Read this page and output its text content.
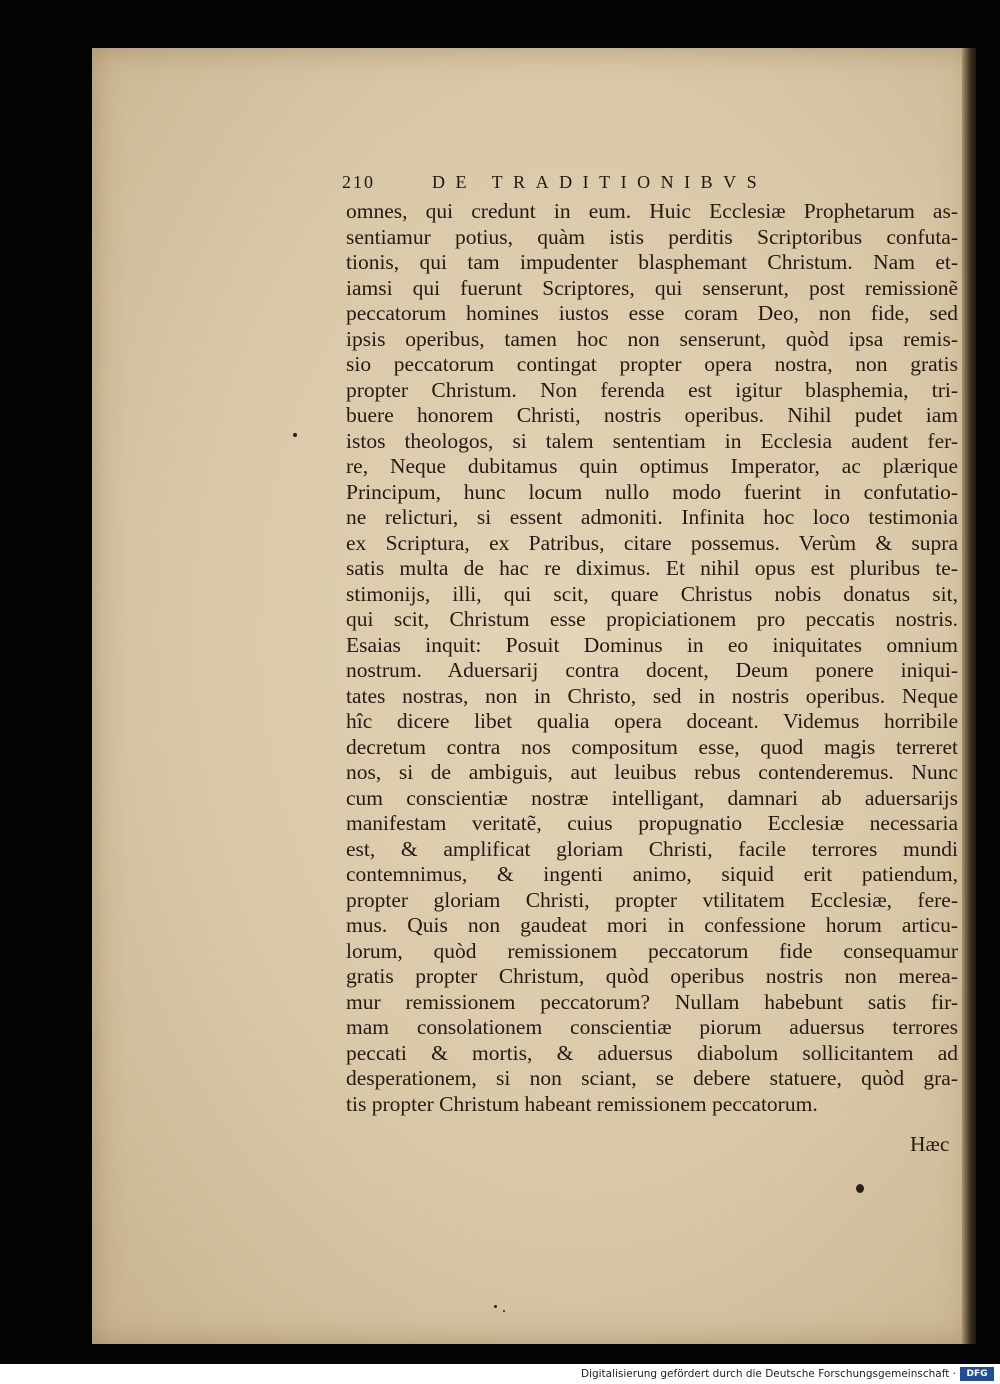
210	DE TRADITIONIBVS
omnes, qui credunt in eum. Huic Ecclesiæ Prophetarum as-
sentiamur potius, quàm istis perditis Scriptoribus confuta-
tionis, qui tam impudenter blasphemant Christum. Nam et-
iamsi qui fuerunt Scriptores, qui senserunt, post remissionẽ
peccatorum homines iustos esse coram Deo, non fide, sed
ipsis operibus, tamen hoc non senserunt, quòd ipsa remis-
sio peccatorum contingat propter opera nostra, non gratis
propter Christum. Non ferenda est igitur blasphemia, tri-
buere honorem Christi, nostris operibus. Nihil pudet iam
istos theologos, si talem sententiam in Ecclesia audent fer-
re, Neque dubitamus quin optimus Imperator, ac plærique
Principum, hunc locum nullo modo fuerint in confutatio-
ne relicturi, si essent admoniti. Infinita hoc loco testimonia
ex Scriptura, ex Patribus, citare possemus. Verùm & supra
satis multa de hac re diximus. Et nihil opus est pluribus te-
stimonijs, illi, qui scit, quare Christus nobis donatus sit,
qui scit, Christum esse propiciationem pro peccatis nostris.
Esaias inquit: Posuit Dominus in eo iniquitates omnium
nostrum. Aduersarij contra docent, Deum ponere iniqui-
tates nostras, non in Christo, sed in nostris operibus. Neque
hîc dicere libet qualia opera doceant. Videmus horribile
decretum contra nos compositum esse, quod magis terreret
nos, si de ambiguis, aut leuibus rebus contenderemus. Nunc
cum conscientiæ nostræ intelligant, damnari ab aduersarijs
manifestam veritatẽ, cuius propugnatio Ecclesiæ necessaria
est, & amplificat gloriam Christi, facile terrores mundi
contemnimus, & ingenti animo, siquid erit patiendum,
propter gloriam Christi, propter vtilitatem Ecclesiæ, fere-
mus. Quis non gaudeat mori in confessione horum articu-
lorum, quòd remissionem peccatorum fide consequamur
gratis propter Christum, quòd operibus nostris non merea-
mur remissionem peccatorum? Nullam habebunt satis fir-
mam consolationem conscientiæ piorum aduersus terrores
peccati & mortis, & aduersus diabolum sollicitantem ad
desperationem, si non sciant, se debere statuere, quòd gra-
tis propter Christum habeant remissionem peccatorum.
Hæc
Digitalisierung gefördert durch die Deutsche Forschungsgemeinschaft ·	DFG
